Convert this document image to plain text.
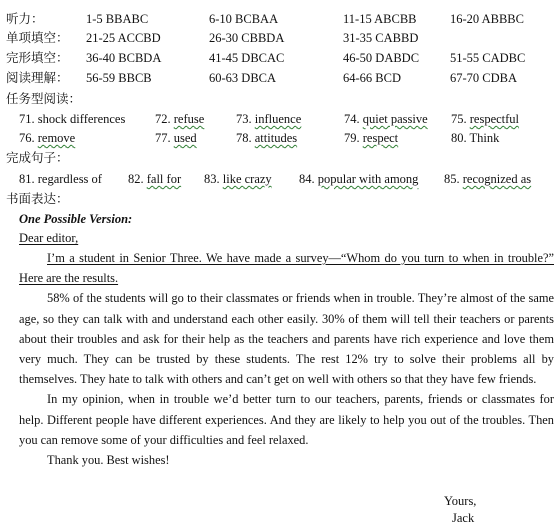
听力：	1-5 BBABC	6-10 BCBAA	11-15 ABCBB	16-20 ABBBC
单项填空： 21-25 ACCBD	26-30 CBBDA	31-35 CABBD
完形填空： 36-40 BCBDA	41-45 DBCAC	46-50 DABDC 51-55 CADBC
阅读理解： 56-59 BBCB	60-63 DBCA	64-66 BCD	67-70 CDBA
任务型阅读：
71. shock differences 72. refuse	73. influence	74. quiet passive 75. respectful
76. remove	77. used	78. attitudes	79. respect	80. Think
完成句子：
81. regardless of 82. fall for 83. like crazy 84. popular with among 85. recognized as
书面表达：
One Possible Version:
Dear editor,

I’m a student in Senior Three. We have made a survey—“Whom do you turn to when in trouble?” Here are the results.

58% of the students will go to their classmates or friends when in trouble. They’re almost of the same age, so they can talk with and understand each other easily. 30% of them will tell their teachers or parents about their troubles and ask for their help as the teachers and parents have rich experience and love them very much. They can be trusted by these students. The rest 12% try to solve their problems all by themselves. They hate to talk with others and can’t get on well with others so that they have few friends.

In my opinion, when in trouble we’d better turn to our teachers, parents, friends or classmates for help. Different people have different experiences. And they are likely to help you out of the troubles. Then you can remove some of your difficulties and feel relaxed.

Thank you. Best wishes!

Yours,
Jack
